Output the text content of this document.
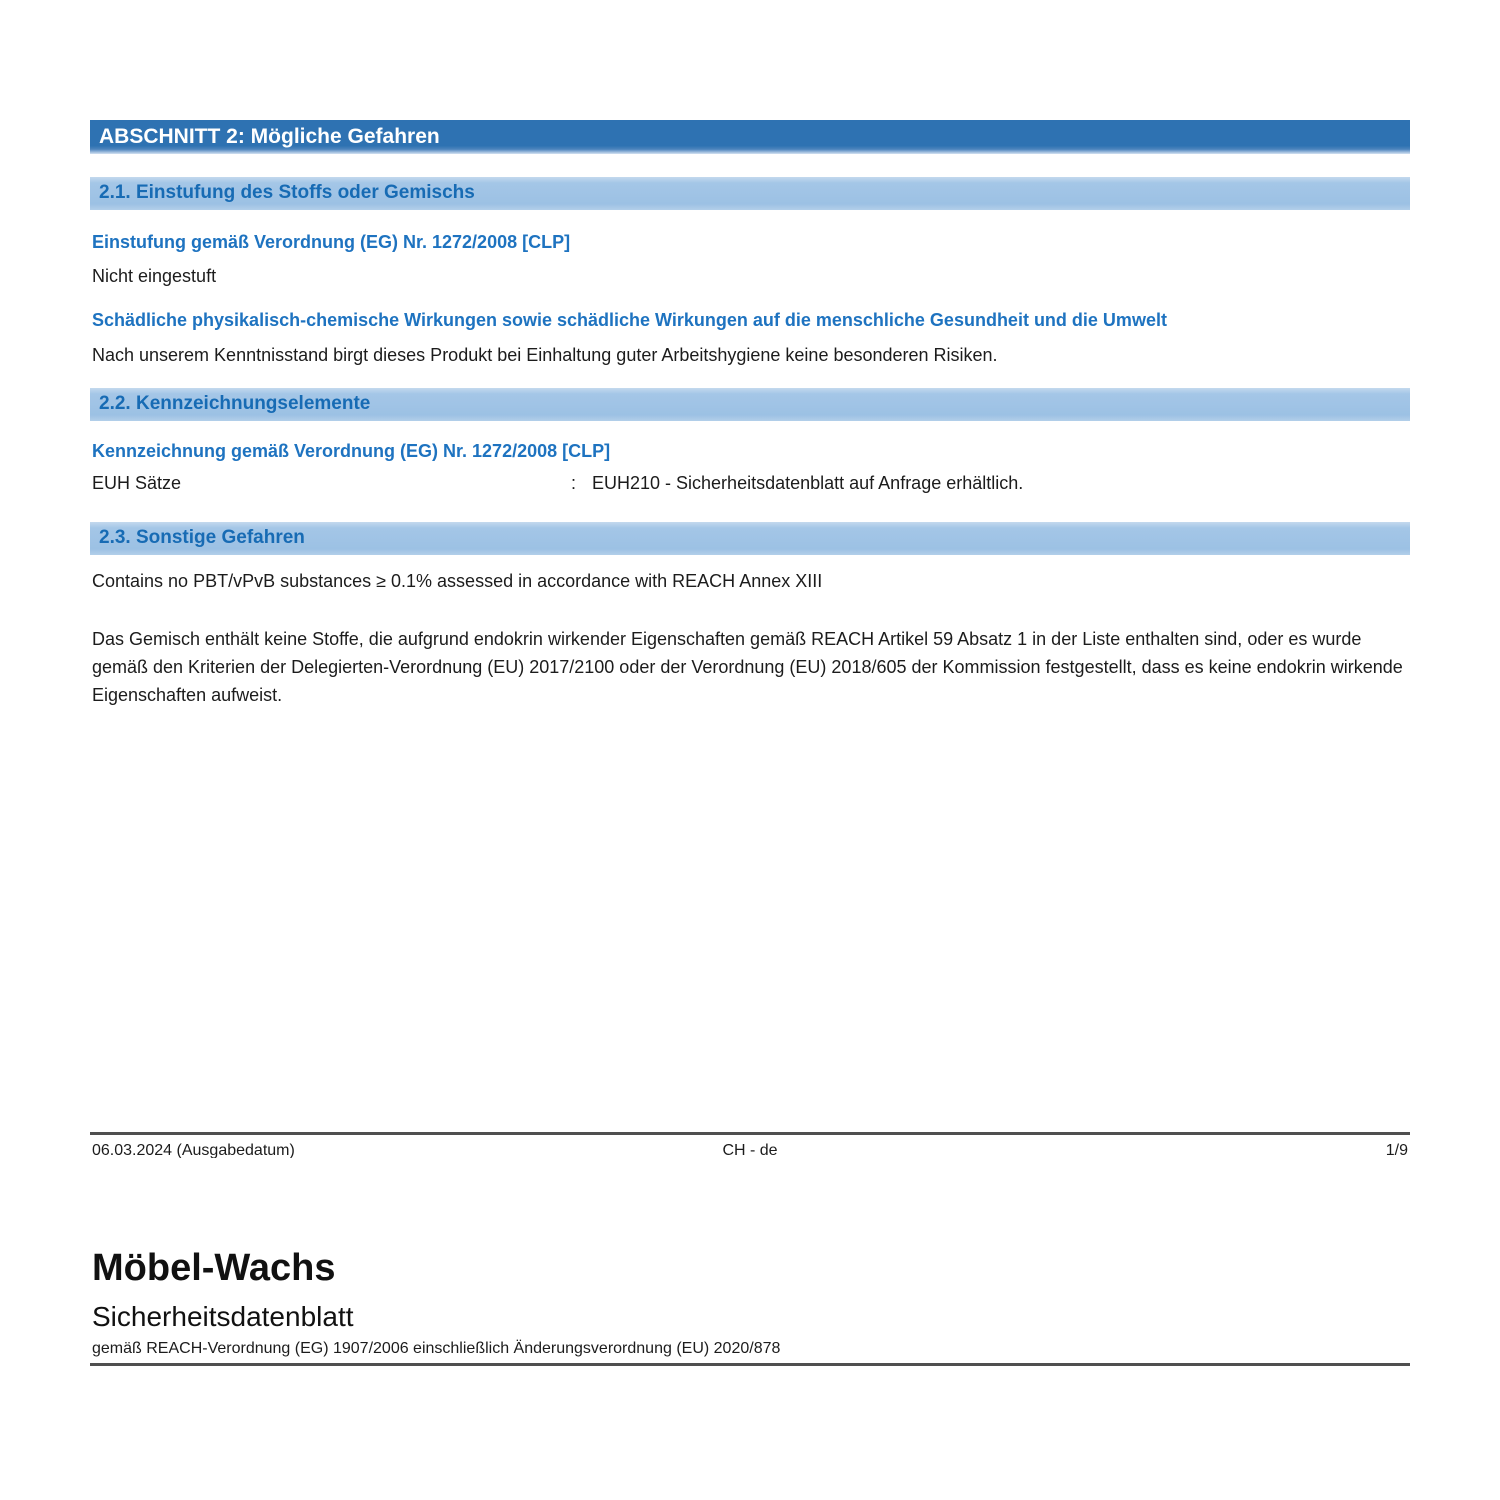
ABSCHNITT 2: Mögliche Gefahren
2.1. Einstufung des Stoffs oder Gemischs
Einstufung gemäß Verordnung (EG) Nr. 1272/2008 [CLP]
Nicht eingestuft
Schädliche physikalisch-chemische Wirkungen sowie schädliche Wirkungen auf die menschliche Gesundheit und die Umwelt
Nach unserem Kenntnisstand birgt dieses Produkt bei Einhaltung guter Arbeitshygiene keine besonderen Risiken.
2.2. Kennzeichnungselemente
Kennzeichnung gemäß Verordnung (EG) Nr. 1272/2008 [CLP]
EUH Sätze	: EUH210 - Sicherheitsdatenblatt auf Anfrage erhältlich.
2.3. Sonstige Gefahren
Contains no PBT/vPvB substances ≥ 0.1% assessed in accordance with REACH Annex XIII
Das Gemisch enthält keine Stoffe, die aufgrund endokrin wirkender Eigenschaften gemäß REACH Artikel 59 Absatz 1 in der Liste enthalten sind, oder es wurde gemäß den Kriterien der Delegierten-Verordnung (EU) 2017/2100 oder der Verordnung (EU) 2018/605 der Kommission festgestellt, dass es keine endokrin wirkende Eigenschaften aufweist.
06.03.2024 (Ausgabedatum)	CH - de	1/9
Möbel-Wachs
Sicherheitsdatenblatt
gemäß REACH-Verordnung (EG) 1907/2006 einschließlich Änderungsverordnung (EU) 2020/878
